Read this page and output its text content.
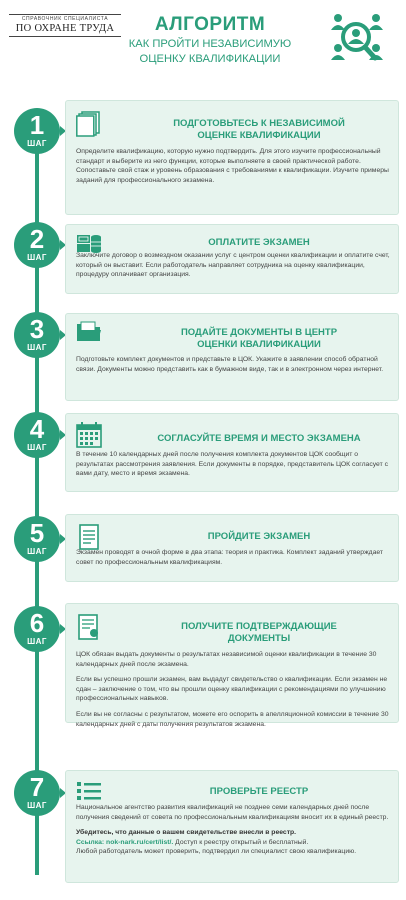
СПРАВОЧНИК СПЕЦИАЛИСТА
ПО ОХРАНЕ ТРУДА	АЛГОРИТМ
КАК ПРОЙТИ НЕЗАВИСИМУЮ
ОЦЕНКУ КВАЛИФИКАЦИИ
1
ШАГ
ПОДГОТОВЬТЕСЬ К НЕЗАВИСИМОЙ
ОЦЕНКЕ КВАЛИФИКАЦИИ

Определите квалификацию, которую нужно подтвердить. Для этого изучите профессиональный стандарт и выберите из него функции, которые выполняете в своей практической работе. Сопоставьте свой стаж и уровень образования с требованиями к квалификации. Изучите примеры заданий для профессионального экзамена.

2
ШАГ
ОПЛАТИТЕ ЭКЗАМЕН

Заключите договор о возмездном оказании услуг с центром оценки квалификации и оплатите счет, который он выставит. Если работодатель направляет сотрудника на оценку квалификации, процедуру оплачивает организация.

3
ШАГ
ПОДАЙТЕ ДОКУМЕНТЫ В ЦЕНТР
ОЦЕНКИ КВАЛИФИКАЦИИ

Подготовьте комплект документов и представьте в ЦОК. Укажите в заявлении способ обратной связи. Документы можно представить как в бумажном виде, так и в электронном через интернет.

4
ШАГ
СОГЛАСУЙТЕ ВРЕМЯ И МЕСТО ЭКЗАМЕНА

В течение 10 календарных дней после получения комплекта документов ЦОК сообщит о результатах рассмотрения заявления. Если документы в порядке, представитель ЦОК согласует с вами дату, место и время экзамена.

5
ШАГ
ПРОЙДИТЕ ЭКЗАМЕН

Экзамен проводят в очной форме в два этапа: теория и практика. Комплект заданий утверждает совет по профессиональным квалификациям.

6
ШАГ
ПОЛУЧИТЕ ПОДТВЕРЖДАЮЩИЕ
ДОКУМЕНТЫ

ЦОК обязан выдать документы о результатах независимой оценки квалификации в течение 30 календарных дней после экзамена.

Если вы успешно прошли экзамен, вам выдадут свидетельство о квалификации. Если экзамен не сдан – заключение о том, что вы прошли оценку квалификации с рекомендациями по улучшению профессиональных навыков.

Если вы не согласны с результатом, можете его оспорить в апелляционной комиссии в течение 30 календарных дней с даты получения результатов экзамена.

7
ШАГ
ПРОВЕРЬТЕ РЕЕСТР

Национальное агентство развития квалификаций не позднее семи календарных дней после получения сведений от совета по профессиональным квалификациям вносит их в единый реестр.

Убедитесь, что данные о вашем свидетельстве внесли в реестр.

Ссылка: nok-nark.ru/cert/list/. Доступ к реестру открытый и бесплатный.

Любой работодатель может проверить, подтвердил ли специалист свою квалификацию.
